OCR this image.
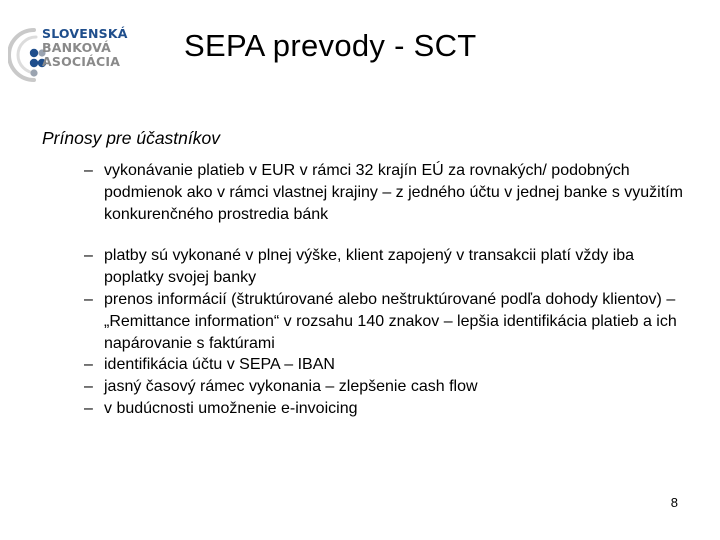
SLOVENSKÁ
BANKOVÁ
ASOCIÁCIA SEPA prevody - SCT
Prínosy pre účastníkov
– vykonávanie platieb v EUR v rámci 32 krajín EÚ za rovnakých/ podobných podmienok ako v rámci vlastnej krajiny – z jedného účtu v jednej banke s využitím konkurenčného prostredia bánk
– platby sú vykonané v plnej výške, klient zapojený v transakcii platí vždy iba poplatky svojej banky
– prenos informácií (štruktúrované alebo neštruktúrované podľa dohody klientov) – „Remittance information“ v rozsahu 140 znakov – lepšia identifikácia platieb a ich napárovanie s faktúrami
– identifikácia účtu v SEPA – IBAN
– jasný časový rámec vykonania – zlepšenie cash flow
– v budúcnosti umožnenie e-invoicing
8
